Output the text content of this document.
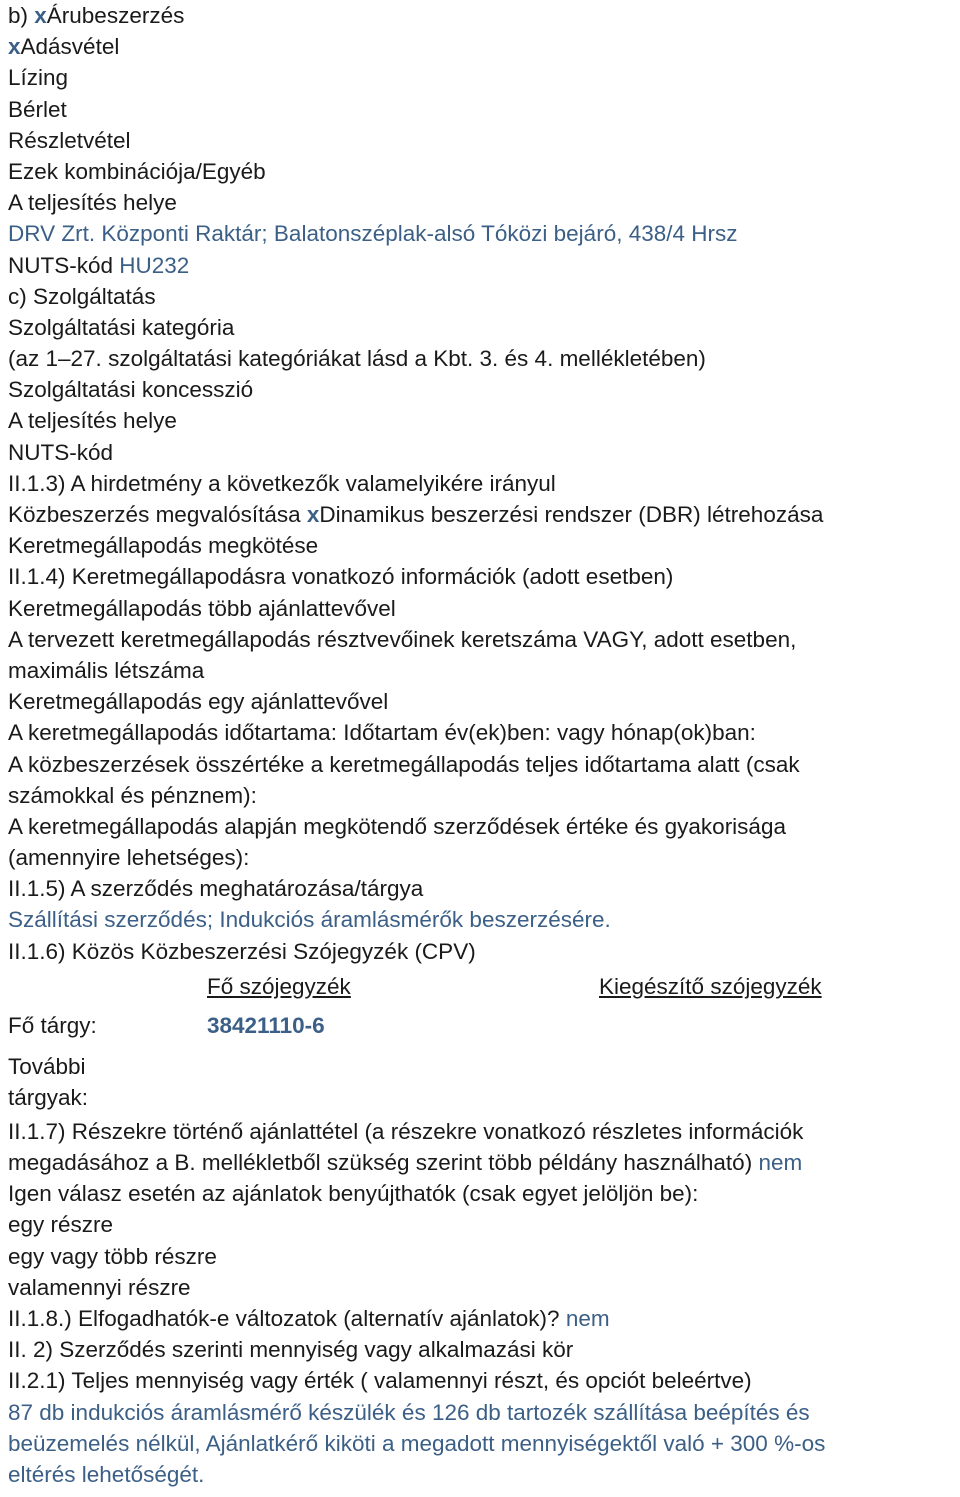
b) xÁrubeszerzés
xAdásvétel
Lízing
Bérlet
Részletvétel
Ezek kombinációja/Egyéb
A teljesítés helye
DRV Zrt. Központi Raktár; Balatonszéplak-alsó Tóközi bejáró, 438/4 Hrsz
NUTS-kód HU232
c) Szolgáltatás
Szolgáltatási kategória
(az 1–27. szolgáltatási kategóriákat lásd a Kbt. 3. és 4. mellékletében)
Szolgáltatási koncesszió
A teljesítés helye
NUTS-kód
II.1.3) A hirdetmény a következők valamelyikére irányul
Közbeszerzés megvalósítása xDinamikus beszerzési rendszer (DBR) létrehozása
Keretmegállapodás megkötése
II.1.4) Keretmegállapodásra vonatkozó információk (adott esetben)
Keretmegállapodás több ajánlattevővel
A tervezett keretmegállapodás résztvevőinek keretszáma VAGY, adott esetben,
maximális létszáma
Keretmegállapodás egy ajánlattevővel
A keretmegállapodás időtartama: Időtartam év(ek)ben: vagy hónap(ok)ban:
A közbeszerzések összértéke a keretmegállapodás teljes időtartama alatt (csak
számokkal és pénznem):
A keretmegállapodás alapján megkötendő szerződések értéke és gyakorisága
(amennyire lehetséges):
II.1.5) A szerződés meghatározása/tárgya
Szállítási szerződés; Indukciós áramlásmérők beszerzésére.
II.1.6) Közös Közbeszerzési Szójegyzék (CPV)
Fő szójegyzék	Kiegészítő szójegyzék
Fő tárgy:	38421110-6
További
tárgyak:
II.1.7) Részekre történő ajánlattétel (a részekre vonatkozó részletes információk
megadásához a B. mellékletből szükség szerint több példány használható) nem
Igen válasz esetén az ajánlatok benyújthatók (csak egyet jelöljön be):
egy részre
egy vagy több részre
valamennyi részre
II.1.8.) Elfogadhatók-e változatok (alternatív ajánlatok)? nem
II. 2) Szerződés szerinti mennyiség vagy alkalmazási kör
II.2.1) Teljes mennyiség vagy érték ( valamennyi részt, és opciót beleértve)
87 db indukciós áramlásmérő készülék és 126 db tartozék szállítása beépítés és
beüzemelés nélkül, Ajánlatkérő kiköti a megadott mennyiségektől való + 300 %-os
eltérés lehetőségét.
